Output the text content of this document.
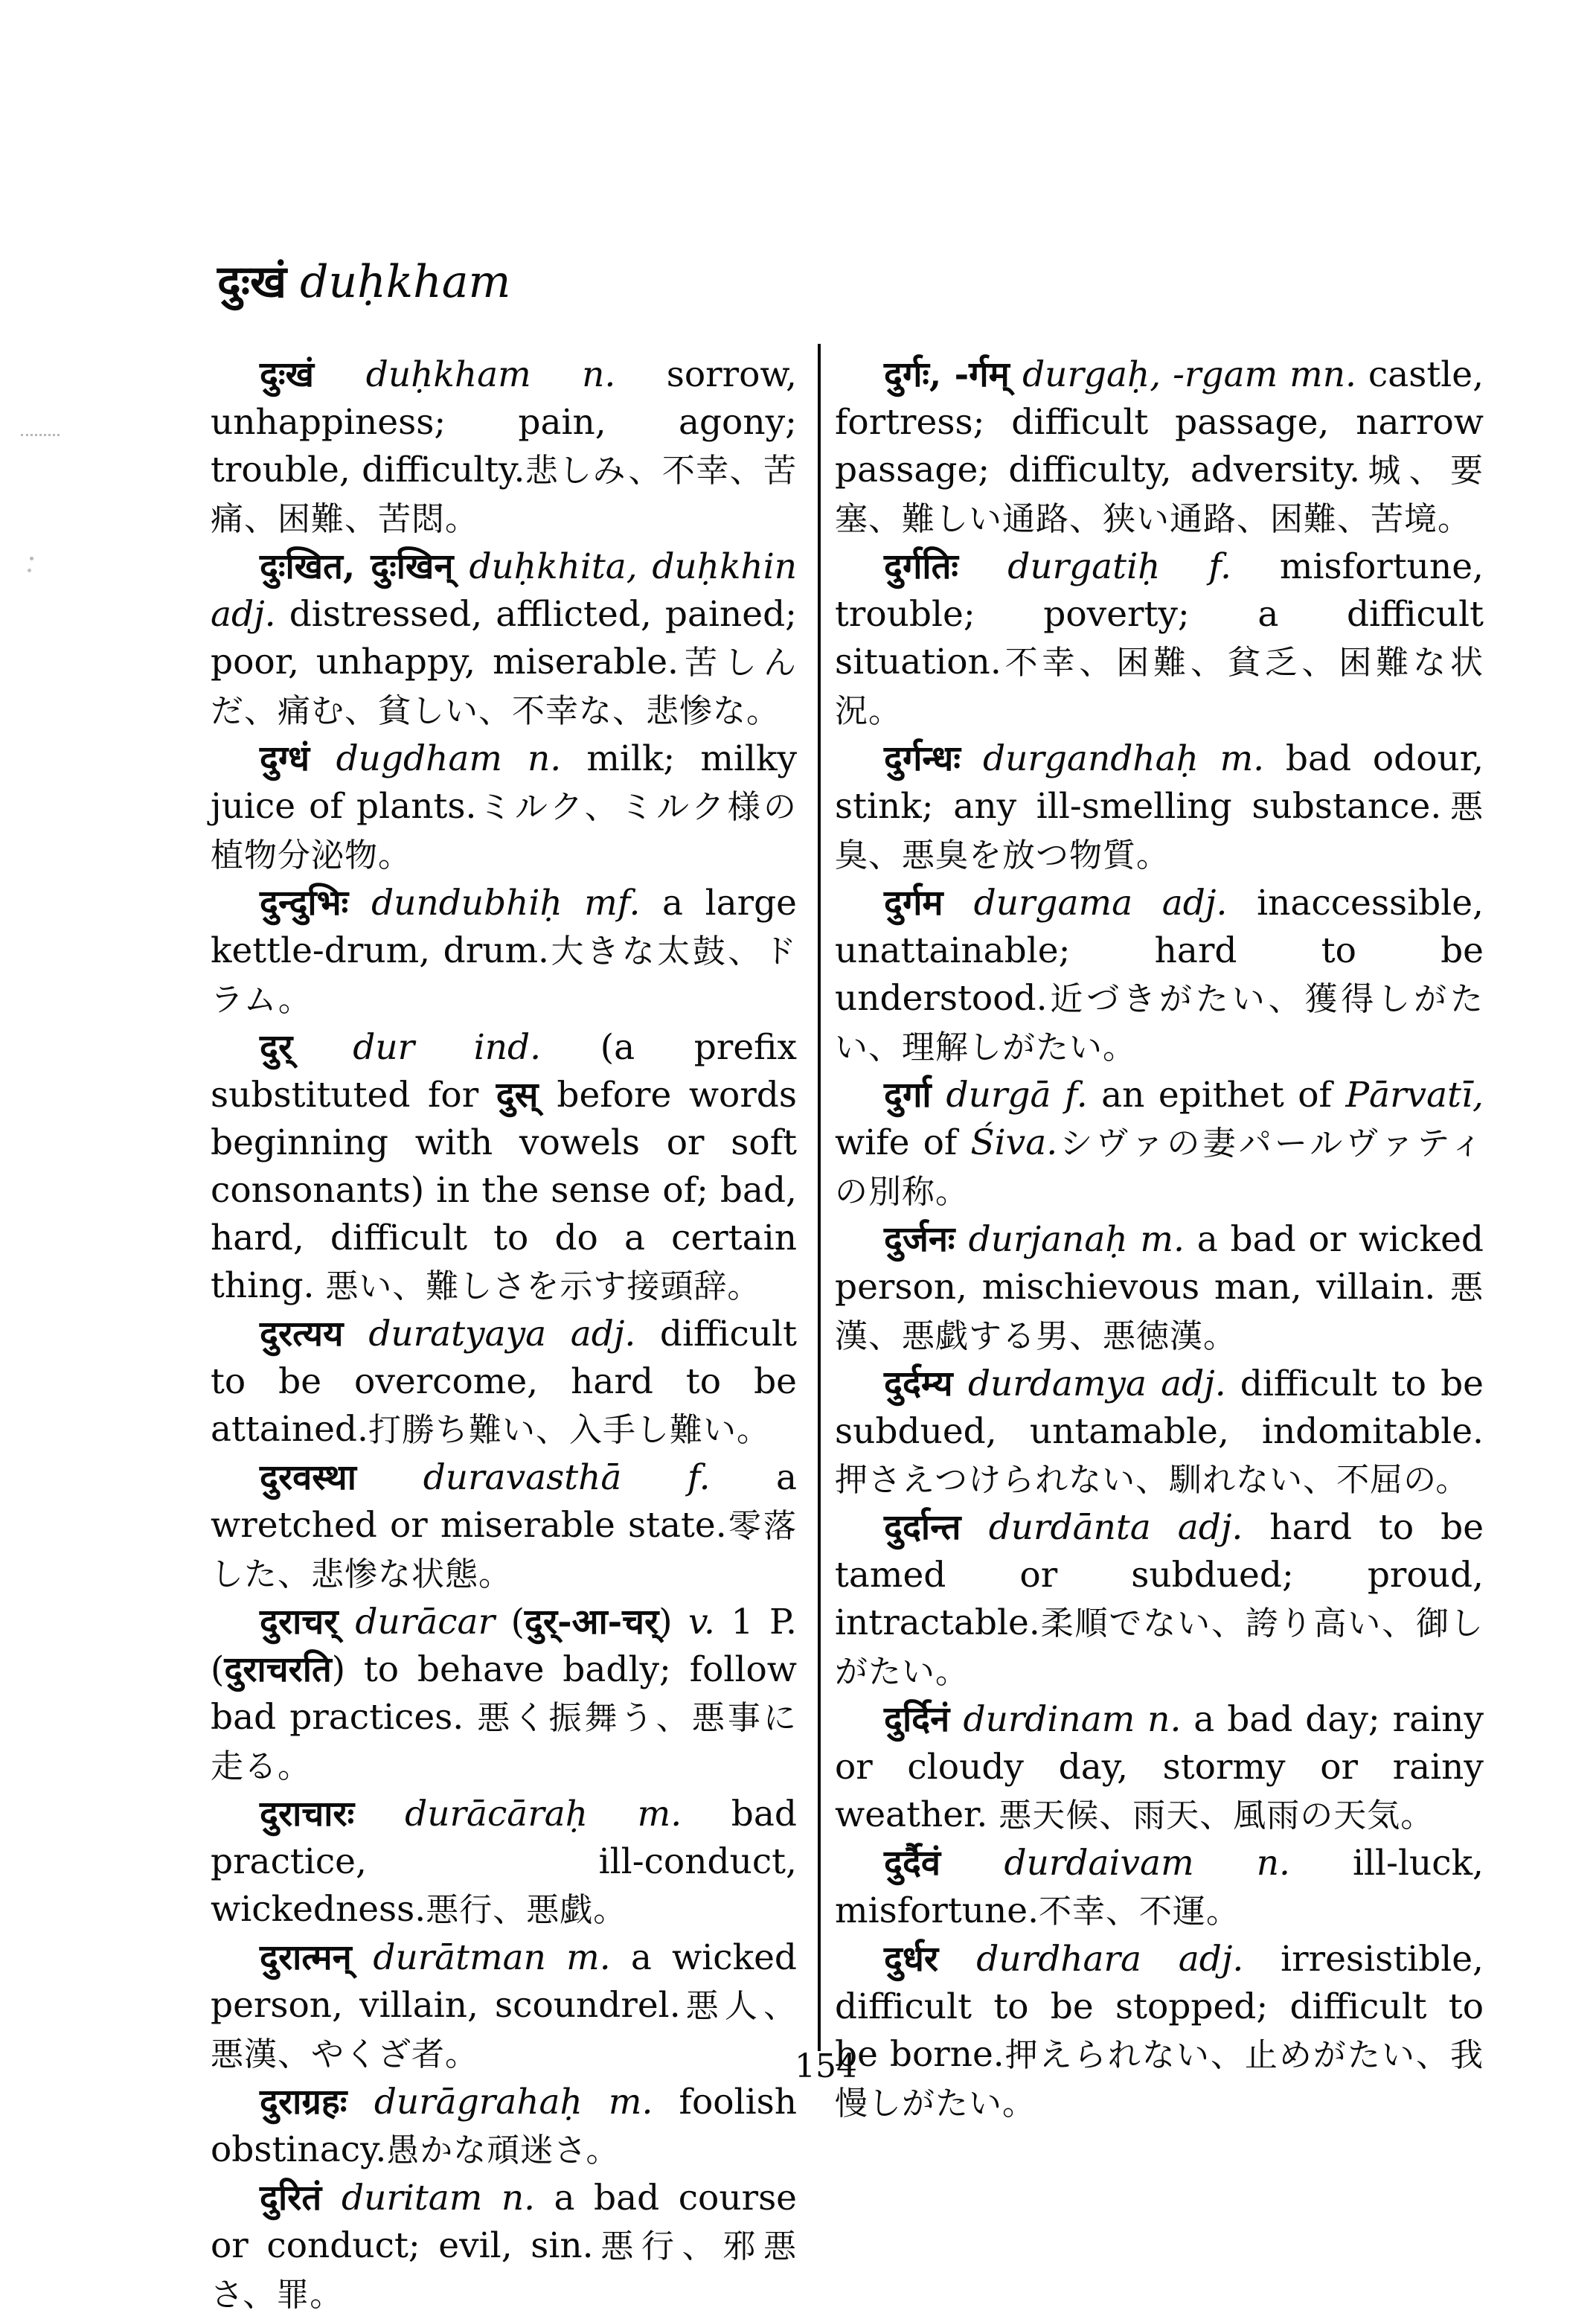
दुःखं duḥkham

दुःखं duḥkham n. sorrow, unhappiness; pain, agony; trouble, difficulty.悲しみ、不幸、苦痛、困難、苦悶。

दुःखित, दुःखिन् duḥkhita, duḥkhin adj. distressed, afflicted, pained; poor, unhappy, miserable.苦しんだ、痛む、貧しい、不幸な、悲惨な。

दुग्धं dugdham n. milk; milky juice of plants.ミルク、ミルク様の植物分泌物。

दुन्दुभिः dundubhiḥ mf. a large kettle-drum, drum.大きな太鼓、ドラム。

दुर् dur ind. (a prefix substituted for दुस् before words beginning with vowels or soft consonants) in the sense of; bad, hard, difficult to do a certain thing. 悪い、難しさを示す接頭辞。

दुरत्यय duratyaya adj. difficult to be overcome, hard to be attained.打勝ち難い、入手し難い。

दुरवस्था duravasthā f. a wretched or miserable state.零落した、悲惨な状態。

दुराचर् durācar (दुर्-आ-चर्) v. 1 P. (दुराचरति) to behave badly; follow bad practices. 悪く振舞う、悪事に走る。

दुराचारः durācāraḥ m. bad practice, ill-conduct, wickedness.悪行、悪戯。

दुरात्मन् durātman m. a wicked person, villain, scoundrel.悪人、悪漢、やくざ者。

दुराग्रहः durāgrahaḥ m. foolish obstinacy.愚かな頑迷さ。

दुरितं duritam n. a bad course or conduct; evil, sin.悪行、邪悪さ、罪。

दुर्गः, -र्गम् durgaḥ, -rgam mn. castle, fortress; difficult passage, narrow passage; difficulty, adversity.城、要塞、難しい通路、狭い通路、困難、苦境。

दुर्गतिः durgatiḥ f. misfortune, trouble; poverty; a difficult situation.不幸、困難、貧乏、困難な状況。

दुर्गन्धः durgandhaḥ m. bad odour, stink; any ill-smelling substance.悪臭、悪臭を放つ物質。

दुर्गम durgama adj. inaccessible, unattainable; hard to be understood.近づきがたい、獲得しがたい、理解しがたい。

दुर्गा durgā f. an epithet of Pārvatī, wife of Śiva.シヴァの妻パールヴァティの別称。

दुर्जनः durjanaḥ m. a bad or wicked person, mischievous man, villain. 悪漢、悪戯する男、悪徳漢。

दुर्दम्य durdamya adj. difficult to be subdued, untamable, indomitable. 押さえつけられない、馴れない、不屈の。

दुर्दान्त durdānta adj. hard to be tamed or subdued; proud, intractable.柔順でない、誇り高い、御しがたい。

दुर्दिनं durdinam n. a bad day; rainy or cloudy day, stormy or rainy weather. 悪天候、雨天、風雨の天気。

दुर्दैवं durdaivam n. ill-luck, misfortune.不幸、不運。

दुर्धर durdhara adj. irresistible, difficult to be stopped; difficult to be borne.押えられない、止めがたい、我慢しがたい。

154
